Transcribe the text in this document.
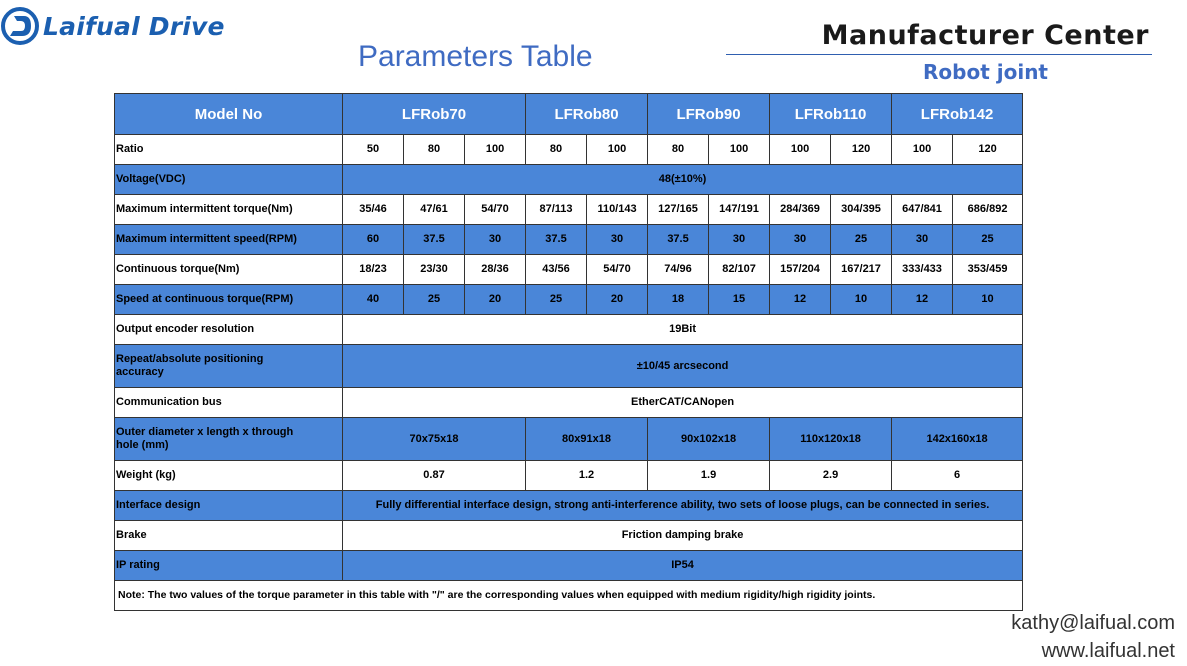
Laifual Drive
Parameters Table
Manufacturer Center
Robot joint
Model No	LFRob70			LFRob80		LFRob90		LFRob110		LFRob142	
Ratio	50	80	100	80	100	80	100	100	120	100	120
Voltage(VDC)	48(±10%)										
Maximum intermittent torque(Nm)	35/46	47/61	54/70	87/113	110/143	127/165	147/191	284/369	304/395	647/841	686/892
Maximum intermittent speed(RPM)	60	37.5	30	37.5	30	37.5	30	30	25	30	25
Continuous torque(Nm)	18/23	23/30	28/36	43/56	54/70	74/96	82/107	157/204	167/217	333/433	353/459
Speed at continuous torque(RPM)	40	25	20	25	20	18	15	12	10	12	10
Output encoder resolution	19Bit										
Repeat/absolute positioning
accuracy	±10/45 arcsecond										
Communication bus	EtherCAT/CANopen										
Outer diameter x length x through
hole (mm)	70x75x18			80x91x18		90x102x18		110x120x18		142x160x18	
Weight (kg)	0.87			1.2		1.9		2.9		6	
Interface design	Fully differential interface design, strong anti-interference ability, two sets of loose plugs, can be connected in series.										
Brake	Friction damping brake										
IP rating	IP54										
Note: The two values of the torque parameter in this table with "/" are the corresponding values when equipped with medium rigidity/high rigidity joints.											
kathy@laifual.com
www.laifual.net
